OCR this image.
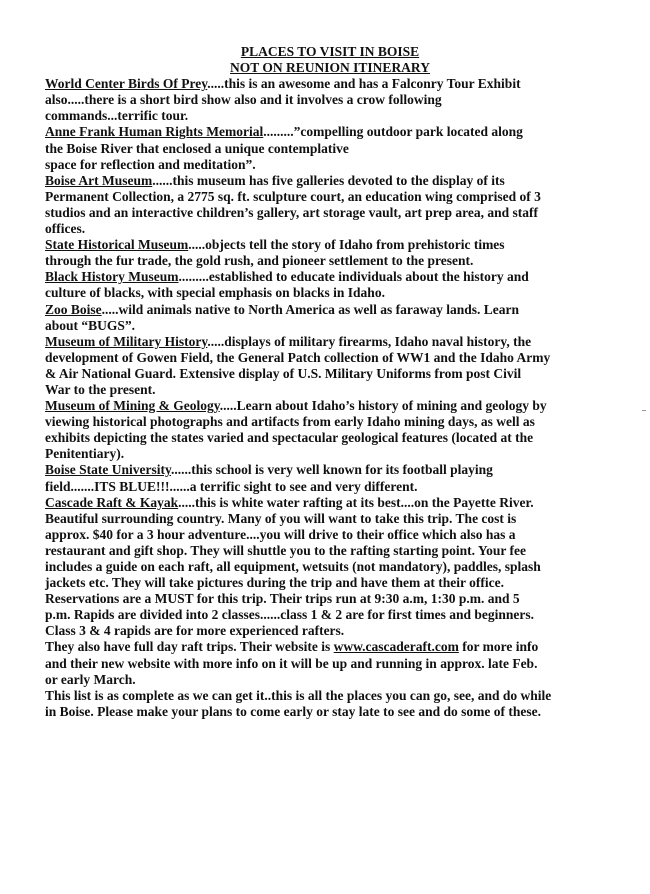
PLACES TO VISIT IN BOISE
NOT ON REUNION ITINERARY

World Center Birds Of Prey.....this is an awesome and has a Falconry Tour Exhibit
also.....there is a short bird show also and it involves a crow following
commands...terrific tour.

Anne Frank Human Rights Memorial.........”compelling outdoor park located along
the Boise River that enclosed a unique contemplative
space for reflection and meditation”.

Boise Art Museum......this museum has five galleries devoted to the display of its
Permanent Collection, a 2775 sq. ft. sculpture court, an education wing comprised of 3
studios and an interactive children’s gallery, art storage vault, art prep area, and staff
offices.

State Historical Museum.....objects tell the story of Idaho from prehistoric times
through the fur trade, the gold rush, and pioneer settlement to the present.

Black History Museum.........established to educate individuals about the history and
culture of blacks, with special emphasis on blacks in Idaho.

Zoo Boise.....wild animals native to North America as well as faraway lands. Learn
about “BUGS”.

Museum of Military History.....displays of military firearms, Idaho naval history, the
development of Gowen Field, the General Patch collection of WW1 and the Idaho Army
& Air National Guard. Extensive display of U.S. Military Uniforms from post Civil
War to the present.

Museum of Mining & Geology.....Learn about Idaho’s history of mining and geology by
viewing historical photographs and artifacts from early Idaho mining days, as well as
exhibits depicting the states varied and spectacular geological features (located at the
Penitentiary).

Boise State University......this school is very well known for its football playing
field.......ITS BLUE!!!......a terrific sight to see and very different.

Cascade Raft & Kayak.....this is white water rafting at its best....on the Payette River.
Beautiful surrounding country. Many of you will want to take this trip. The cost is
approx. $40 for a 3 hour adventure....you will drive to their office which also has a
restaurant and gift shop. They will shuttle you to the rafting starting point. Your fee
includes a guide on each raft, all equipment, wetsuits (not mandatory), paddles, splash
jackets etc. They will take pictures during the trip and have them at their office.
Reservations are a MUST for this trip. Their trips run at 9:30 a.m, 1:30 p.m. and 5
p.m. Rapids are divided into 2 classes......class 1 & 2 are for first times and beginners.
Class 3 & 4 rapids are for more experienced rafters.

They also have full day raft trips. Their website is www.cascaderaft.com for more info
and their new website with more info on it will be up and running in approx. late Feb.
or early March.

This list is as complete as we can get it..this is all the places you can go, see, and do while
in Boise. Please make your plans to come early or stay late to see and do some of these.
